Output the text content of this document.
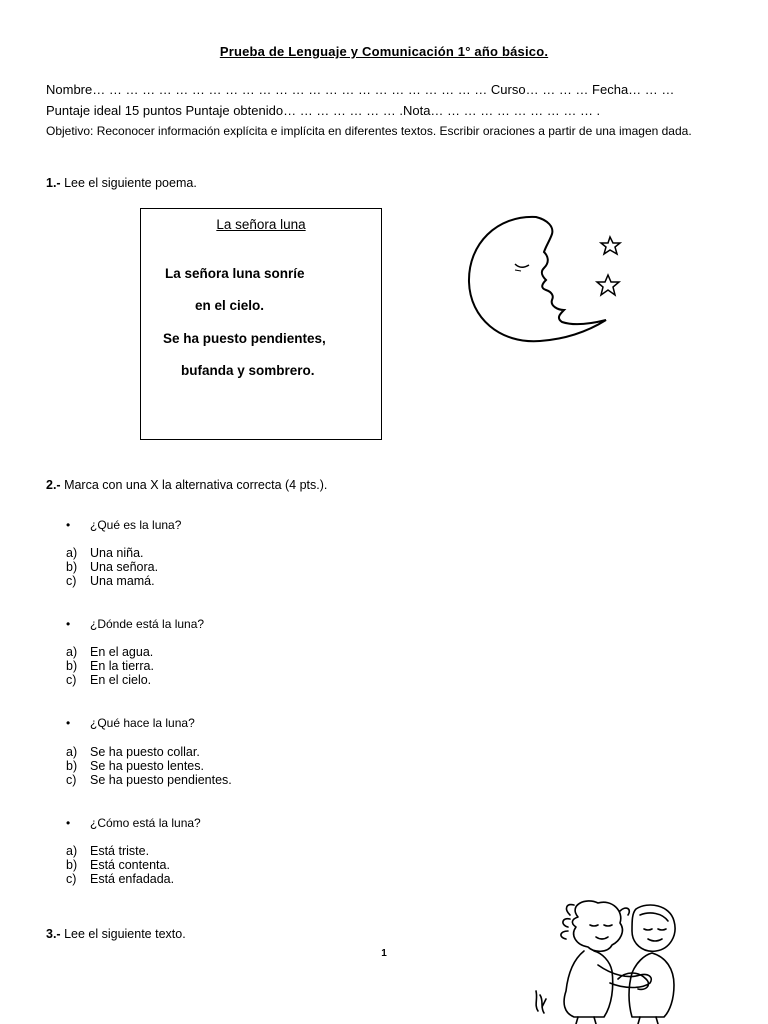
Prueba de Lenguaje y Comunicación 1° año básico.
Nombre… … … … … … … … … … … … … … … … … … … … … … … … Curso… … … … Fecha… … …
Puntaje ideal 15 puntos Puntaje obtenido… … … … … … … .Nota… … … … … … … … … … .
Objetivo: Reconocer información explícita e implícita en diferentes textos. Escribir oraciones a partir de una imagen dada.
1.- Lee el siguiente poema.
La señora luna
La señora luna sonríe
en el cielo.
Se ha puesto pendientes,
bufanda y sombrero.
2.- Marca con una X la alternativa correcta (4 pts.).
• ¿Qué es la luna?
a) Una niña.
b) Una señora.
c) Una mamá.
• ¿Dónde está la luna?
a) En el agua.
b) En la tierra.
c) En el cielo.
• ¿Qué hace la luna?
a) Se ha puesto collar.
b) Se ha puesto lentes.
c) Se ha puesto pendientes.
• ¿Cómo está la luna?
a) Está triste.
b) Está contenta.
c) Está enfadada.
3.- Lee el siguiente texto.
1
